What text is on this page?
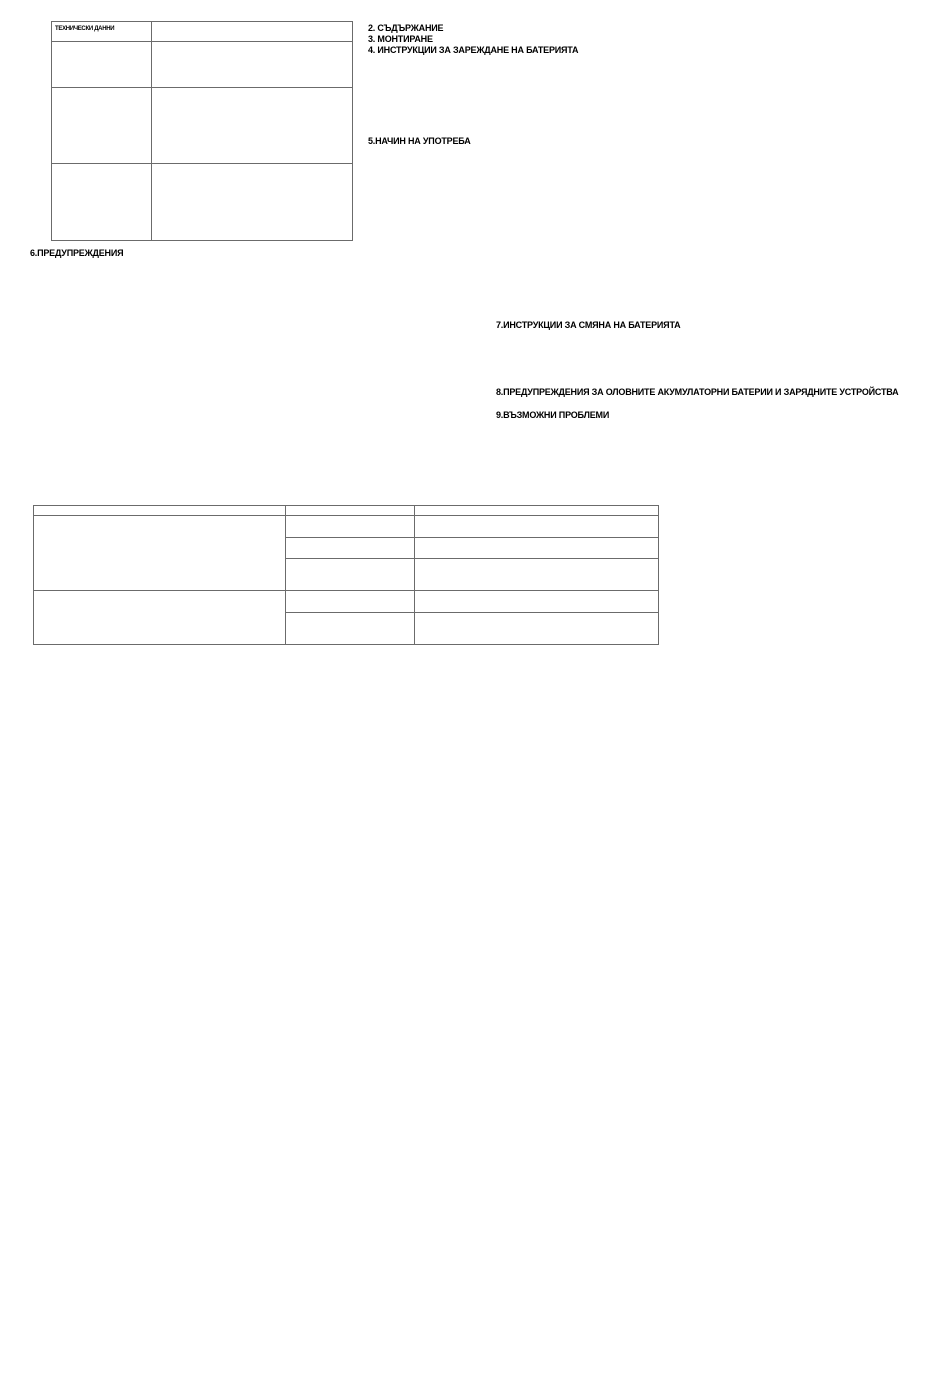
ТЕХНИЧЕСКИ ДАННИ	

		2. СЪДЪРЖАНИЕ
3. МОНТИРАНЕ
4. ИНСТРУКЦИИ ЗА ЗАРЕЖДАНЕ НА БАТЕРИЯТА
5.НАЧИН НА УПОТРЕБА
6.ПРЕДУПРЕЖДЕНИЯ
7.ИНСТРУКЦИИ ЗА СМЯНА НА БАТЕРИЯТА
8.ПРЕДУПРЕЖДЕНИЯ ЗА ОЛОВНИТЕ АКУМУЛАТОРНИ БАТЕРИИ И ЗАРЯДНИТЕ УСТРОЙСТВА
9.ВЪЗМОЖНИ ПРОБЛЕМИ
